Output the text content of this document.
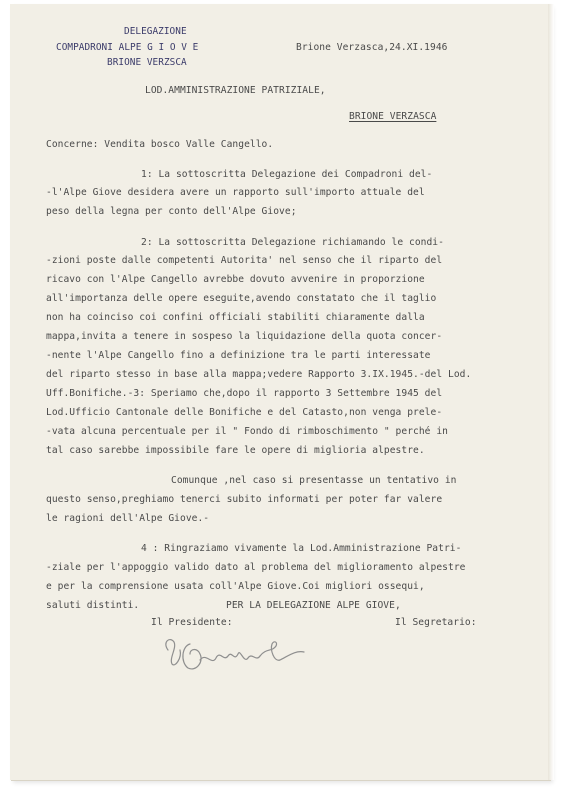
DELEGAZIONE
COMPADRONI ALPE G I O V E
BRIONE VERZSCA
Brione Verzasca,24.XI.1946
LOD.AMMINISTRAZIONE PATRIZIALE,
BRIONE VERZASCA
Concerne: Vendita bosco Valle Cangello.
1: La sottoscritta Delegazione dei Compadroni del-
-l'Alpe Giove desidera avere un rapporto sull'importo attuale del
peso della legna per conto dell'Alpe Giove;
2: La sottoscritta Delegazione richiamando le condi-
-zioni poste dalle competenti Autorita' nel senso che il riparto del
ricavo con l'Alpe Cangello avrebbe dovuto avvenire in proporzione
all'importanza delle opere eseguite,avendo constatato che il taglio
non ha coinciso coi confini officiali stabiliti chiaramente dalla
mappa,invita a tenere in sospeso la liquidazione della quota concer-
-nente l'Alpe Cangello fino a definizione tra le parti interessate
del riparto stesso in base alla mappa;vedere Rapporto 3.IX.1945.-del Lod.
Uff.Bonifiche.-3: Speriamo che,dopo il rapporto 3 Settembre 1945 del
Lod.Ufficio Cantonale delle Bonifiche e del Catasto,non venga prele-
-vata alcuna percentuale per il " Fondo di rimboschimento " perché in
tal caso sarebbe impossibile fare le opere di miglioria alpestre.
Comunque ,nel caso si presentasse un tentativo in
questo senso,preghiamo tenerci subito informati per poter far valere
le ragioni dell'Alpe Giove.-
4 : Ringraziamo vivamente la Lod.Amministrazione Patri-
-ziale per l'appoggio valido dato al problema del miglioramento alpestre
e per la comprensione usata coll'Alpe Giove.Coi migliori ossequi,
saluti distinti.	PER LA DELEGAZIONE ALPE GIOVE,
Il Presidente:	Il Segretario:
